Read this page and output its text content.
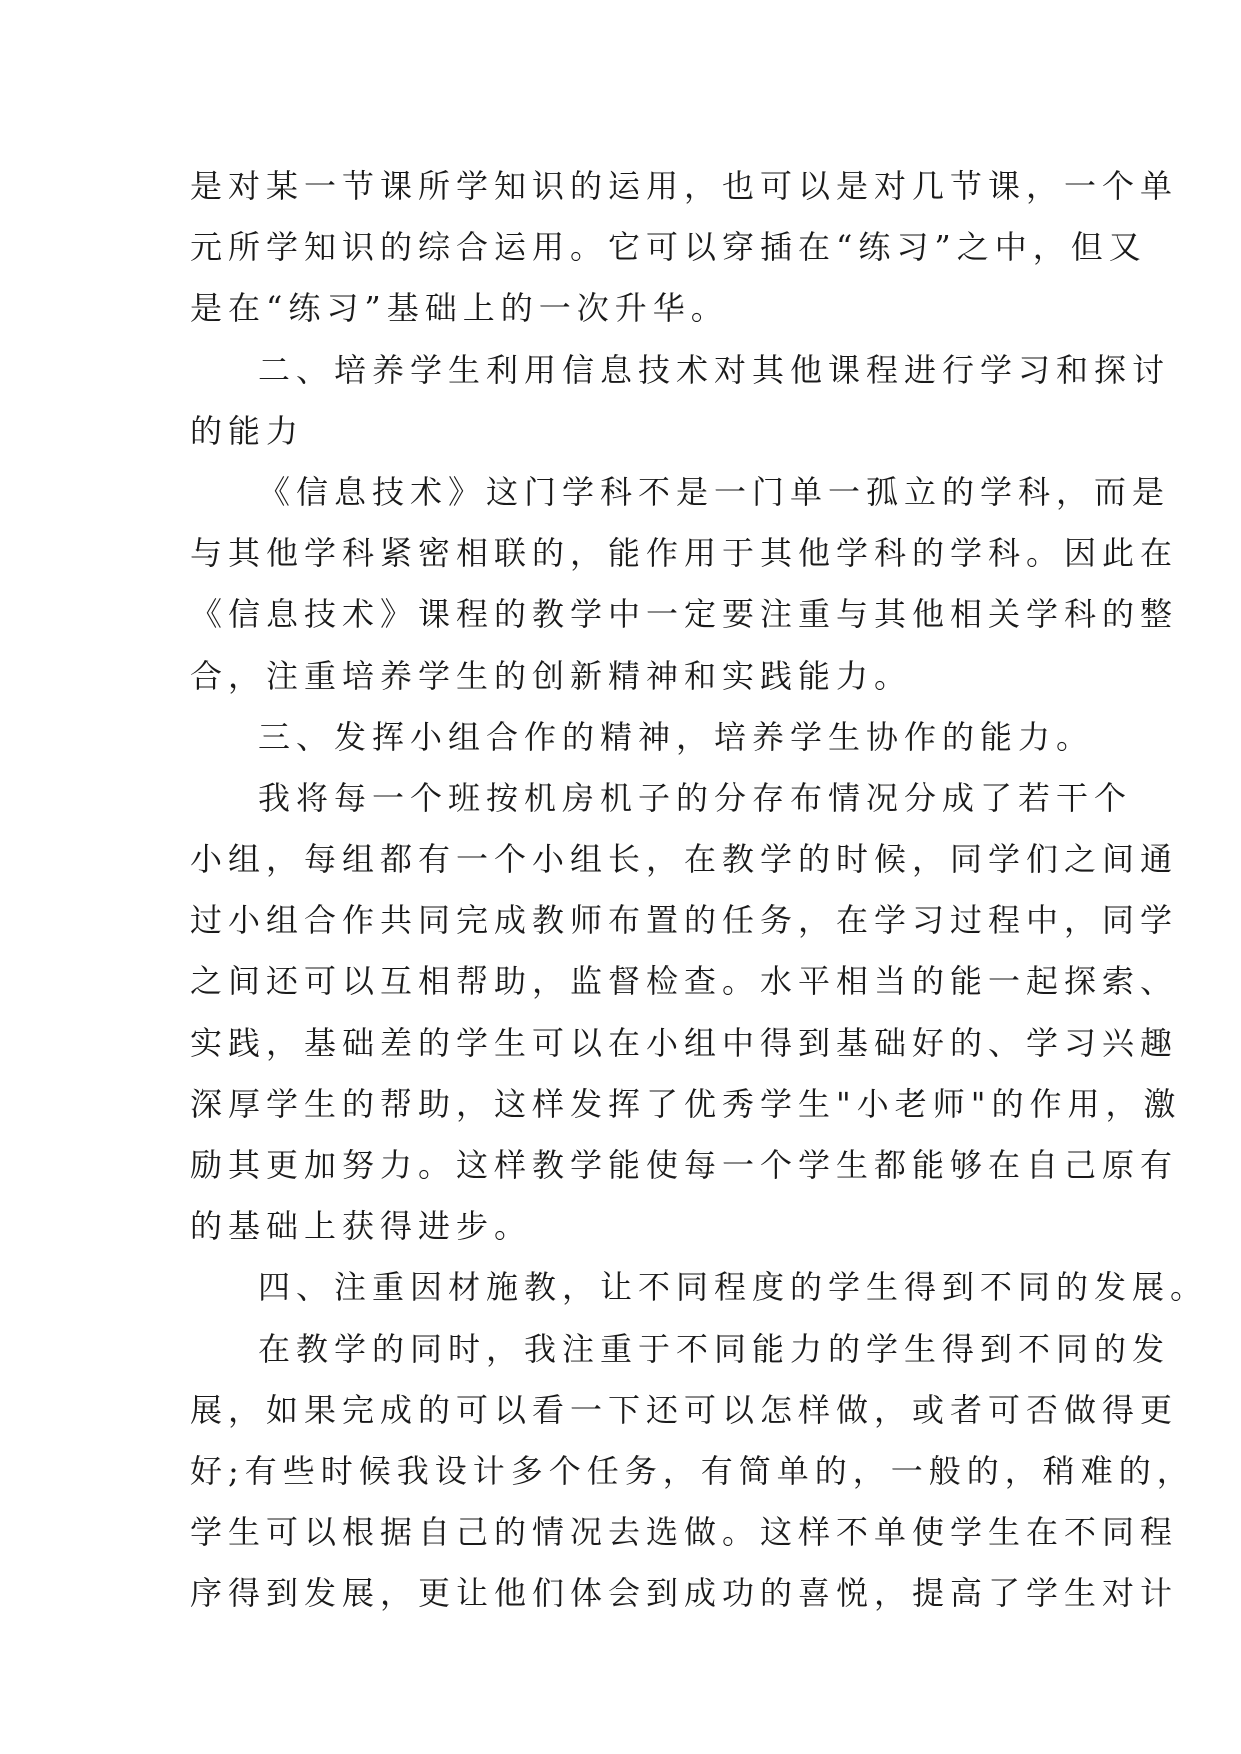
是对某一节课所学知识的运用，也可以是对几节课，一个单
元所学知识的综合运用。它可以穿插在“练习”之中，但又
是在“练习”基础上的一次升华。
二、培养学生利用信息技术对其他课程进行学习和探讨
的能力
《信息技术》这门学科不是一门单一孤立的学科，而是
与其他学科紧密相联的，能作用于其他学科的学科。因此在
《信息技术》课程的教学中一定要注重与其他相关学科的整
合，注重培养学生的创新精神和实践能力。
三、发挥小组合作的精神，培养学生协作的能力。
我将每一个班按机房机子的分存布情况分成了若干个
小组，每组都有一个小组长，在教学的时候，同学们之间通
过小组合作共同完成教师布置的任务，在学习过程中，同学
之间还可以互相帮助，监督检查。水平相当的能一起探索、
实践，基础差的学生可以在小组中得到基础好的、学习兴趣
深厚学生的帮助，这样发挥了优秀学生"小老师"的作用，激
励其更加努力。这样教学能使每一个学生都能够在自己原有
的基础上获得进步。
四、注重因材施教，让不同程度的学生得到不同的发展。
在教学的同时，我注重于不同能力的学生得到不同的发
展，如果完成的可以看一下还可以怎样做，或者可否做得更
好;有些时候我设计多个任务，有简单的，一般的，稍难的，
学生可以根据自己的情况去选做。这样不单使学生在不同程
序得到发展，更让他们体会到成功的喜悦，提高了学生对计
